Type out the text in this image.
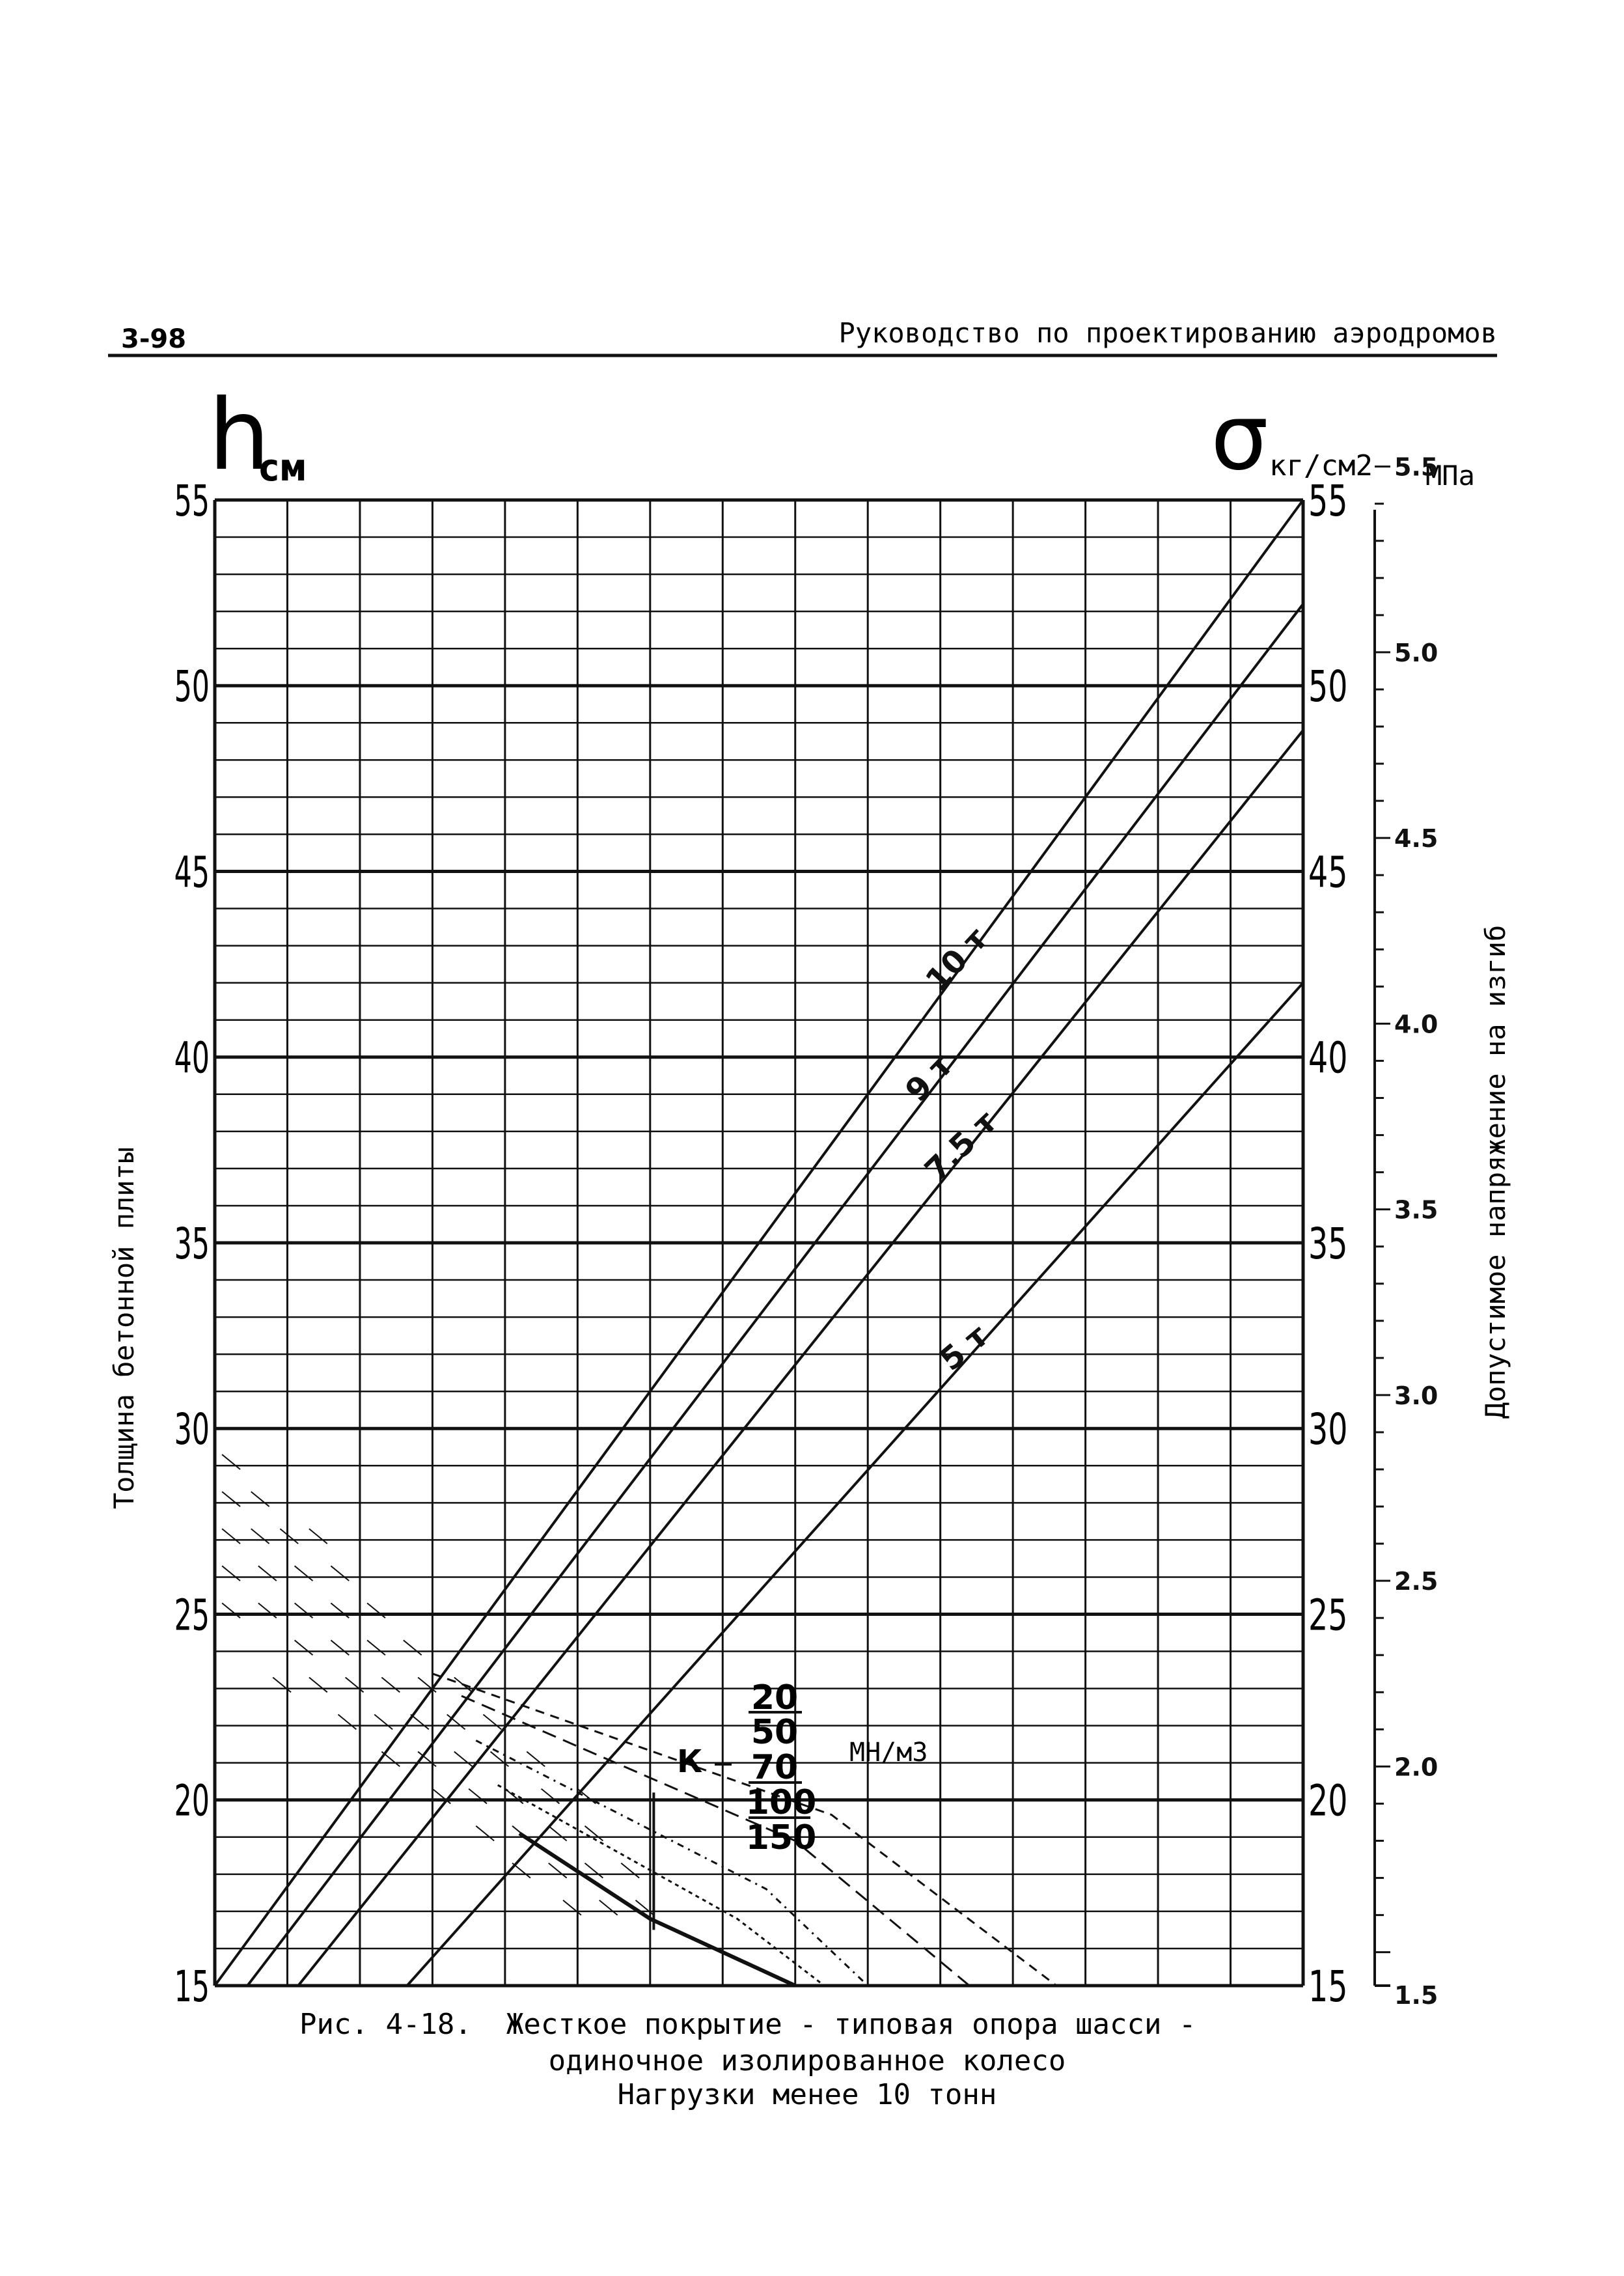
3-98	Руководство по проектированию аэродромов
h
см	σ кг/см2 МПа
15
20
25
30
35
40
45
50
55
15
20
25
30
35
40
45
50
55
1.5
2.0
2.5
3.0
3.5
4.0
4.5
5.0
5.5
Толщина бетонной плиты	Допустимое напряжение на изгиб
10 т
9 т
7.5 т
5 т
К
20
50
70
100
150
МН/м3
Рис. 4-18.  Жесткое покрытие - типовая опора шасси -
одиночное изолированное колесо
Нагрузки менее 10 тонн
